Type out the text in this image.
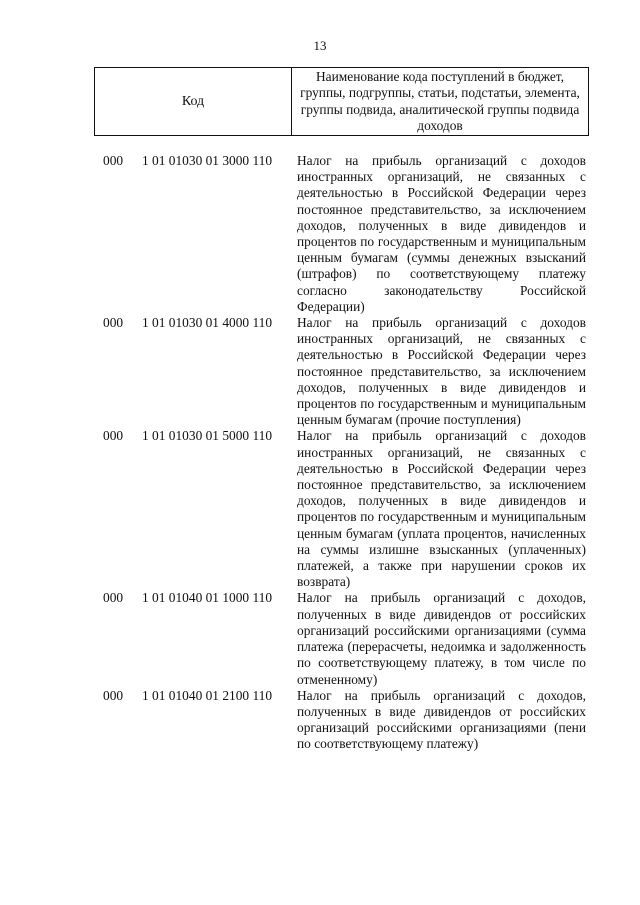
13
Код
Наименование кода поступлений в бюджет, группы, подгруппы, статьи, подстатьи, элемента, группы подвида, аналитической группы подвида доходов
000 1 01 01030 01 3000 110 Налог на прибыль организаций с доходов иностранных организаций, не связанных с деятельностью в Российской Федерации через постоянное представительство, за исключением доходов, полученных в виде дивидендов и процентов по государственным и муниципальным ценным бумагам (суммы денежных взысканий (штрафов) по соответствующему платежу согласно законодательству Российской Федерации)
000 1 01 01030 01 4000 110 Налог на прибыль организаций с доходов иностранных организаций, не связанных с деятельностью в Российской Федерации через постоянное представительство, за исключением доходов, полученных в виде дивидендов и процентов по государственным и муниципальным ценным бумагам (прочие поступления)
000 1 01 01030 01 5000 110 Налог на прибыль организаций с доходов иностранных организаций, не связанных с деятельностью в Российской Федерации через постоянное представительство, за исключением доходов, полученных в виде дивидендов и процентов по государственным и муниципальным ценным бумагам (уплата процентов, начисленных на суммы излишне взысканных (уплаченных) платежей, а также при нарушении сроков их возврата)
000 1 01 01040 01 1000 110 Налог на прибыль организаций с доходов, полученных в виде дивидендов от российских организаций российскими организациями (сумма платежа (перерасчеты, недоимка и задолженность по соответствующему платежу, в том числе по отмененному)
000 1 01 01040 01 2100 110 Налог на прибыль организаций с доходов, полученных в виде дивидендов от российских организаций российскими организациями (пени по соответствующему платежу)
